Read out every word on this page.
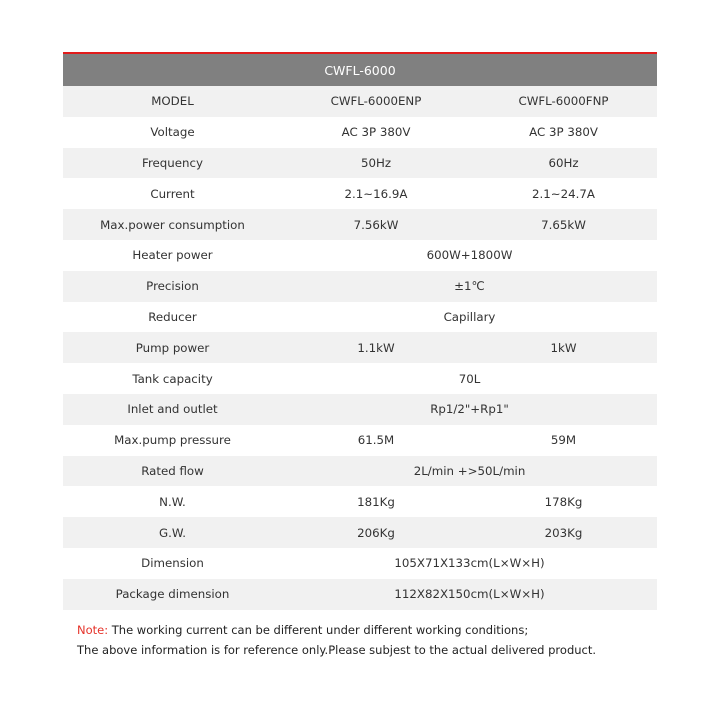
CWFL-6000
MODEL	CWFL-6000ENP	CWFL-6000FNP
Voltage	AC 3P 380V	AC 3P 380V
Frequency	50Hz	60Hz
Current	2.1~16.9A	2.1~24.7A
Max.power consumption	7.56kW	7.65kW
Heater power	600W+1800W	
Precision	±1℃	
Reducer	Capillary	
Pump power	1.1kW	1kW
Tank capacity	70L	
Inlet and outlet	Rp1/2"+Rp1"	
Max.pump pressure	61.5M	59M
Rated flow	2L/min +>50L/min	
N.W.	181Kg	178Kg
G.W.	206Kg	203Kg
Dimension	105X71X133cm(L×W×H)	
Package dimension	112X82X150cm(L×W×H)	
Note: The working current can be different under different working conditions;
The above information is for reference only.Please subjest to the actual delivered product.
